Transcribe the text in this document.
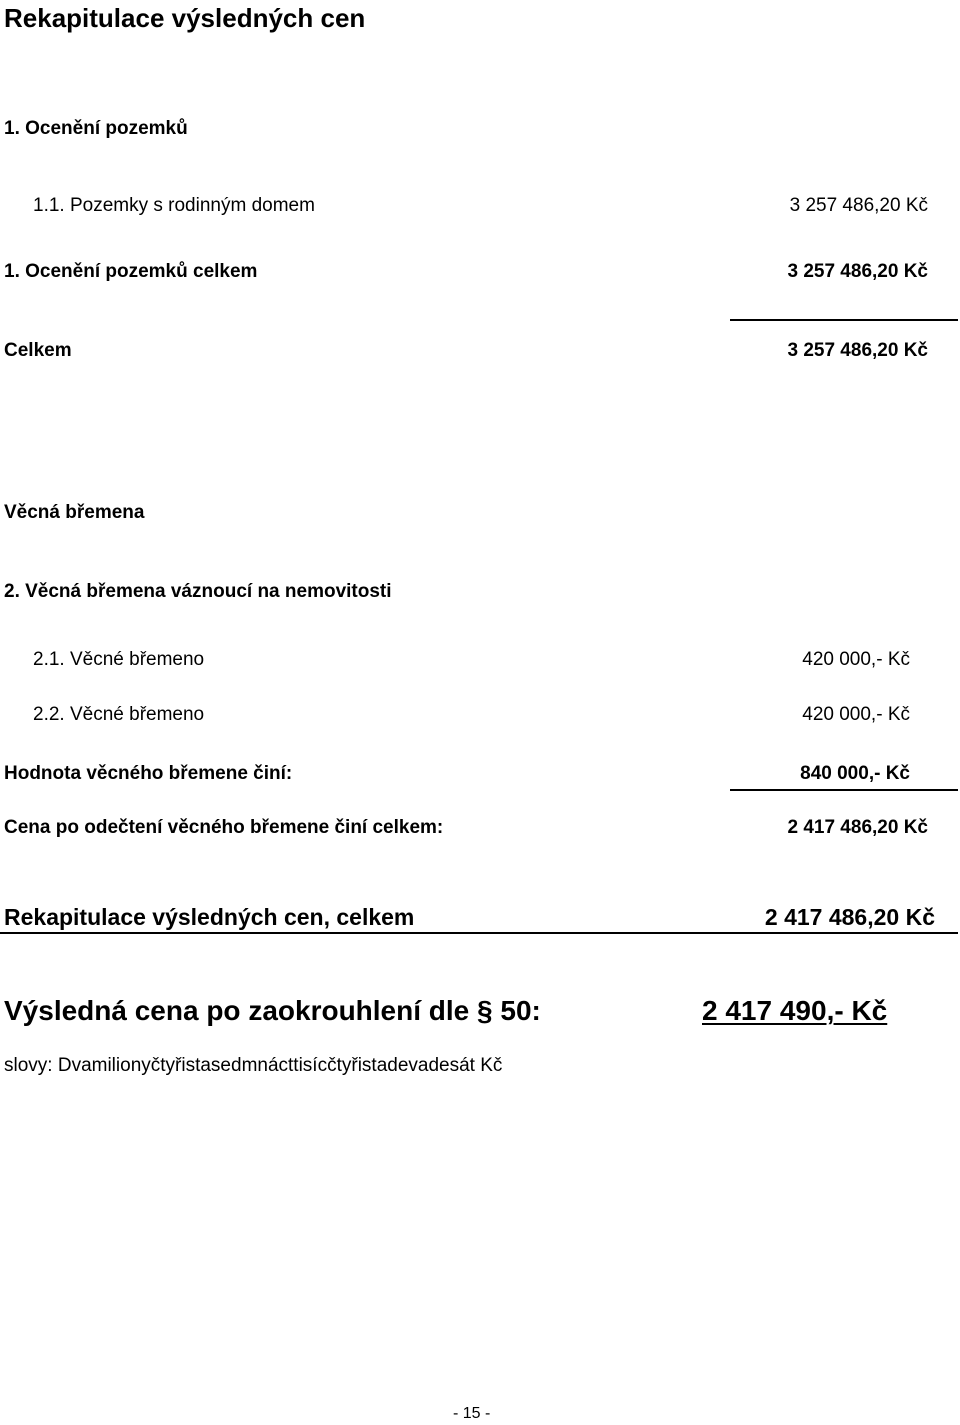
Rekapitulace výsledných cen
1. Ocenění pozemků
1.1. Pozemky s rodinným domem	3 257 486,20 Kč
1. Ocenění pozemků celkem	3 257 486,20 Kč
Celkem	3 257 486,20 Kč
Věcná břemena
2. Věcná břemena váznoucí na nemovitosti
2.1. Věcné břemeno	420 000,- Kč
2.2. Věcné břemeno	420 000,- Kč
Hodnota věcného břemene činí:	840 000,- Kč
Cena po odečtení věcného břemene činí celkem:	2 417 486,20 Kč
Rekapitulace výsledných cen, celkem	2 417 486,20 Kč
Výsledná cena po zaokrouhlení dle § 50:	2 417 490,- Kč
slovy: Dvamilionyčtyřistasedmnácttisícčtyřistadevadesát Kč
- 15 -
